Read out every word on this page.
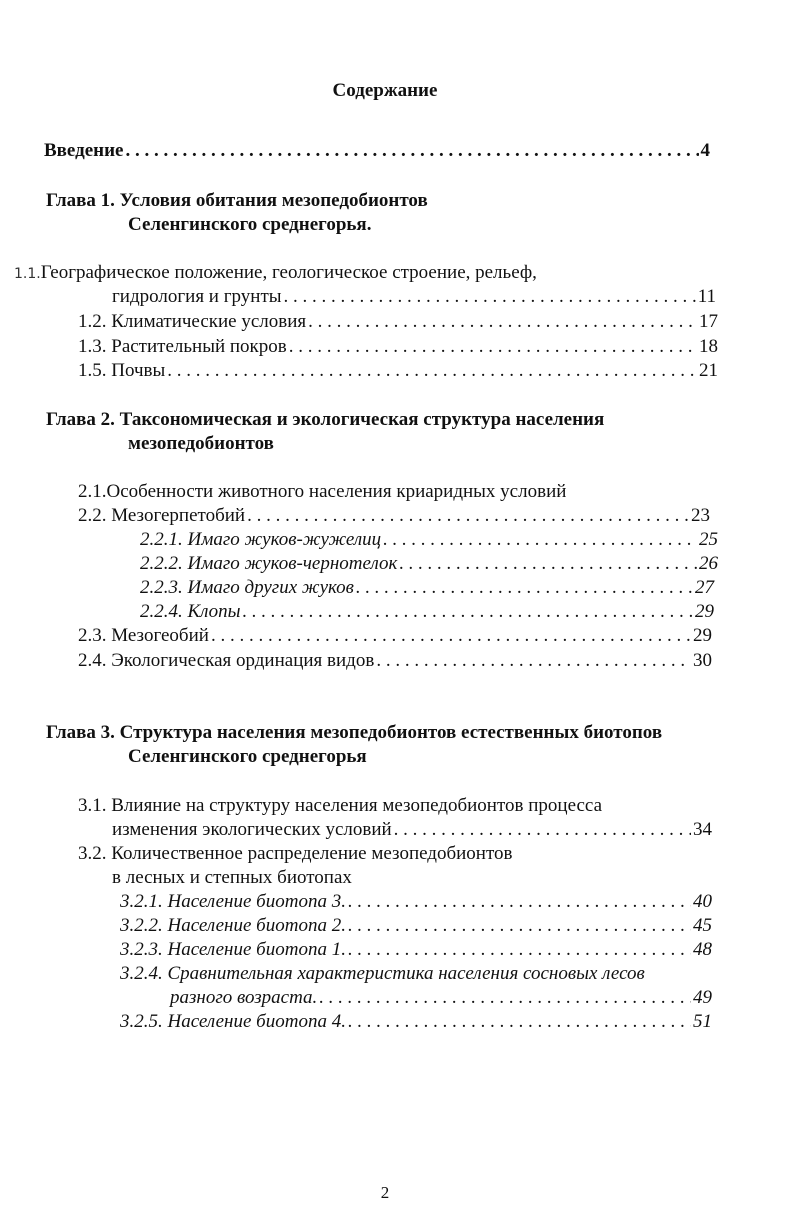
Содержание
Введение . . .	4
Глава 1. Условия обитания мезопедобионтов
Селенгинского среднегорья.
1.1.Географическое положение, геологическое строение, рельеф,
гидрология и грунты . . .	11
1.2. Климатические условия . . .	17
1.3. Растительный покров . . .	18
1.5. Почвы . . .	21
Глава 2. Таксономическая и экологическая структура населения
мезопедобионтов
2.1.Особенности животного населения криаридных условий
2.2. Мезогерпетобий . . .	23
2.2.1. Имаго жуков-жужелиц . . .	25
2.2.2. Имаго жуков-чернотелок . . .	26
2.2.3. Имаго других жуков . . .	27
2.2.4. Клопы . . .	29
2.3. Мезогеобий . . .	29
2.4. Экологическая ординация видов . . .	30
Глава 3. Структура населения мезопедобионтов естественных биотопов
Селенгинского среднегорья
3.1. Влияние на структуру населения мезопедобионтов процесса
изменения экологических условий . . .	34
3.2. Количественное распределение мезопедобионтов
в лесных и степных биотопах
3.2.1. Население биотопа 3. . . .	40
3.2.2. Население биотопа 2. . . .	45
3.2.3. Население биотопа 1. . . .	48
3.2.4. Сравнительная характеристика населения сосновых лесов
разного возраста. . . .	49
3.2.5. Население биотопа 4. . . .	51
2
